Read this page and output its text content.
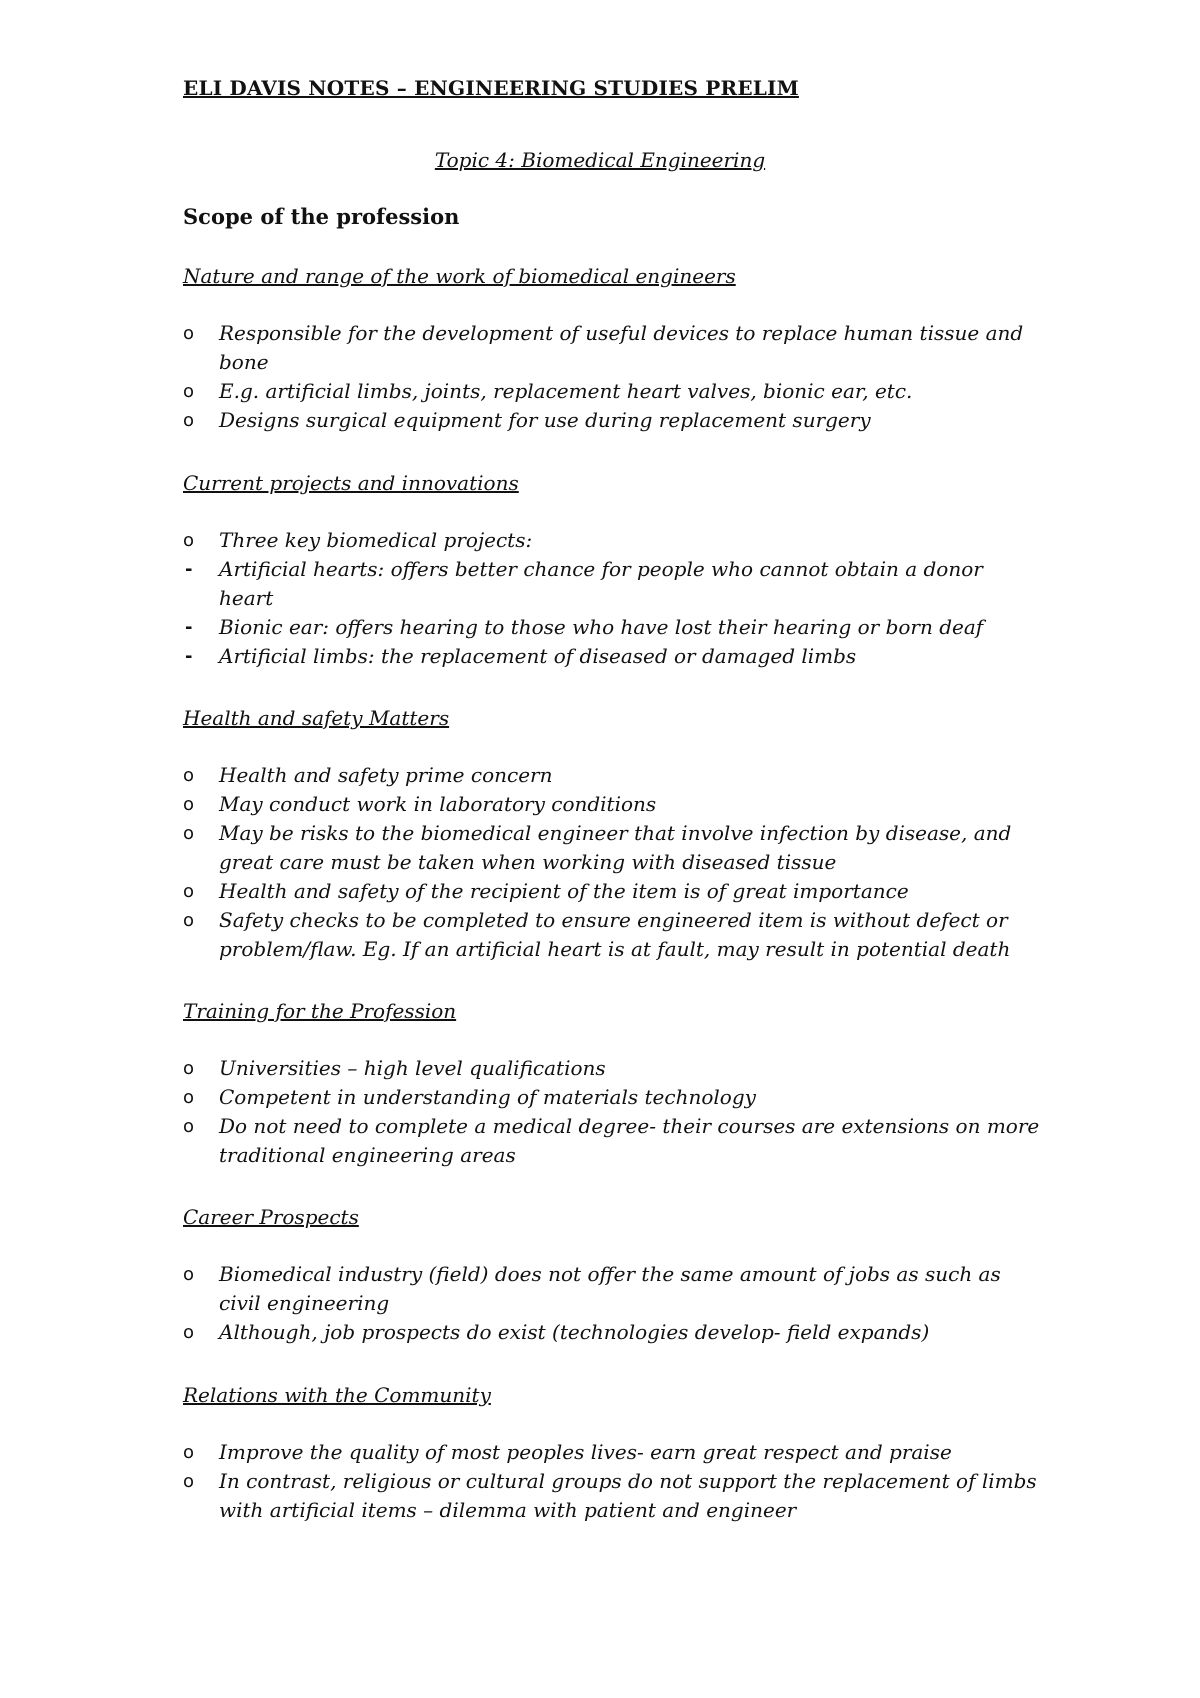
ELI DAVIS NOTES – ENGINEERING STUDIES PRELIM
Topic 4: Biomedical Engineering
Scope of the profession
Nature and range of the work of biomedical engineers
o Responsible for the development of useful devices to replace human tissue and bone
o E.g. artificial limbs, joints, replacement heart valves, bionic ear, etc.
o Designs surgical equipment for use during replacement surgery
Current projects and innovations
o Three key biomedical projects:
- Artificial hearts: offers better chance for people who cannot obtain a donor heart
- Bionic ear: offers hearing to those who have lost their hearing or born deaf
- Artificial limbs: the replacement of diseased or damaged limbs
Health and safety Matters
o Health and safety prime concern
o May conduct work in laboratory conditions
o May be risks to the biomedical engineer that involve infection by disease, and great care must be taken when working with diseased tissue
o Health and safety of the recipient of the item is of great importance
o Safety checks to be completed to ensure engineered item is without defect or problem/flaw. Eg. If an artificial heart is at fault, may result in potential death
Training for the Profession
o Universities – high level qualifications
o Competent in understanding of materials technology
o Do not need to complete a medical degree- their courses are extensions on more traditional engineering areas
Career Prospects
o Biomedical industry (field) does not offer the same amount of jobs as such as civil engineering
o Although, job prospects do exist (technologies develop- field expands)
Relations with the Community
o Improve the quality of most peoples lives- earn great respect and praise
o In contrast, religious or cultural groups do not support the replacement of limbs with artificial items – dilemma with patient and engineer
